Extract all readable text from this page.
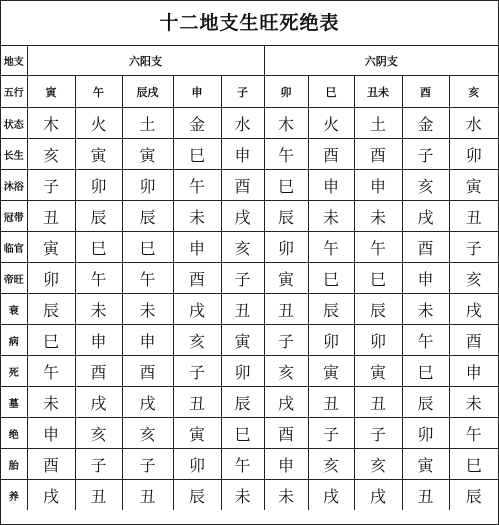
十二地支生旺死绝表
地支	六阳支					六阴支				
五行	寅	午	辰戌	申	子	卯	巳	丑未	酉	亥
状态	木	火	土	金	水	木	火	土	金	水
长生	亥	寅	寅	巳	申	午	酉	酉	子	卯
沐浴	子	卯	卯	午	酉	巳	申	申	亥	寅
冠带	丑	辰	辰	未	戌	辰	未	未	戌	丑
临官	寅	巳	巳	申	亥	卯	午	午	酉	子
帝旺	卯	午	午	酉	子	寅	巳	巳	申	亥
衰	辰	未	未	戌	丑	丑	辰	辰	未	戌
病	巳	申	申	亥	寅	子	卯	卯	午	酉
死	午	酉	酉	子	卯	亥	寅	寅	巳	申
墓	未	戌	戌	丑	辰	戌	丑	丑	辰	未
绝	申	亥	亥	寅	巳	酉	子	子	卯	午
胎	酉	子	子	卯	午	申	亥	亥	寅	巳
养	戌	丑	丑	辰	未	未	戌	戌	丑	辰
